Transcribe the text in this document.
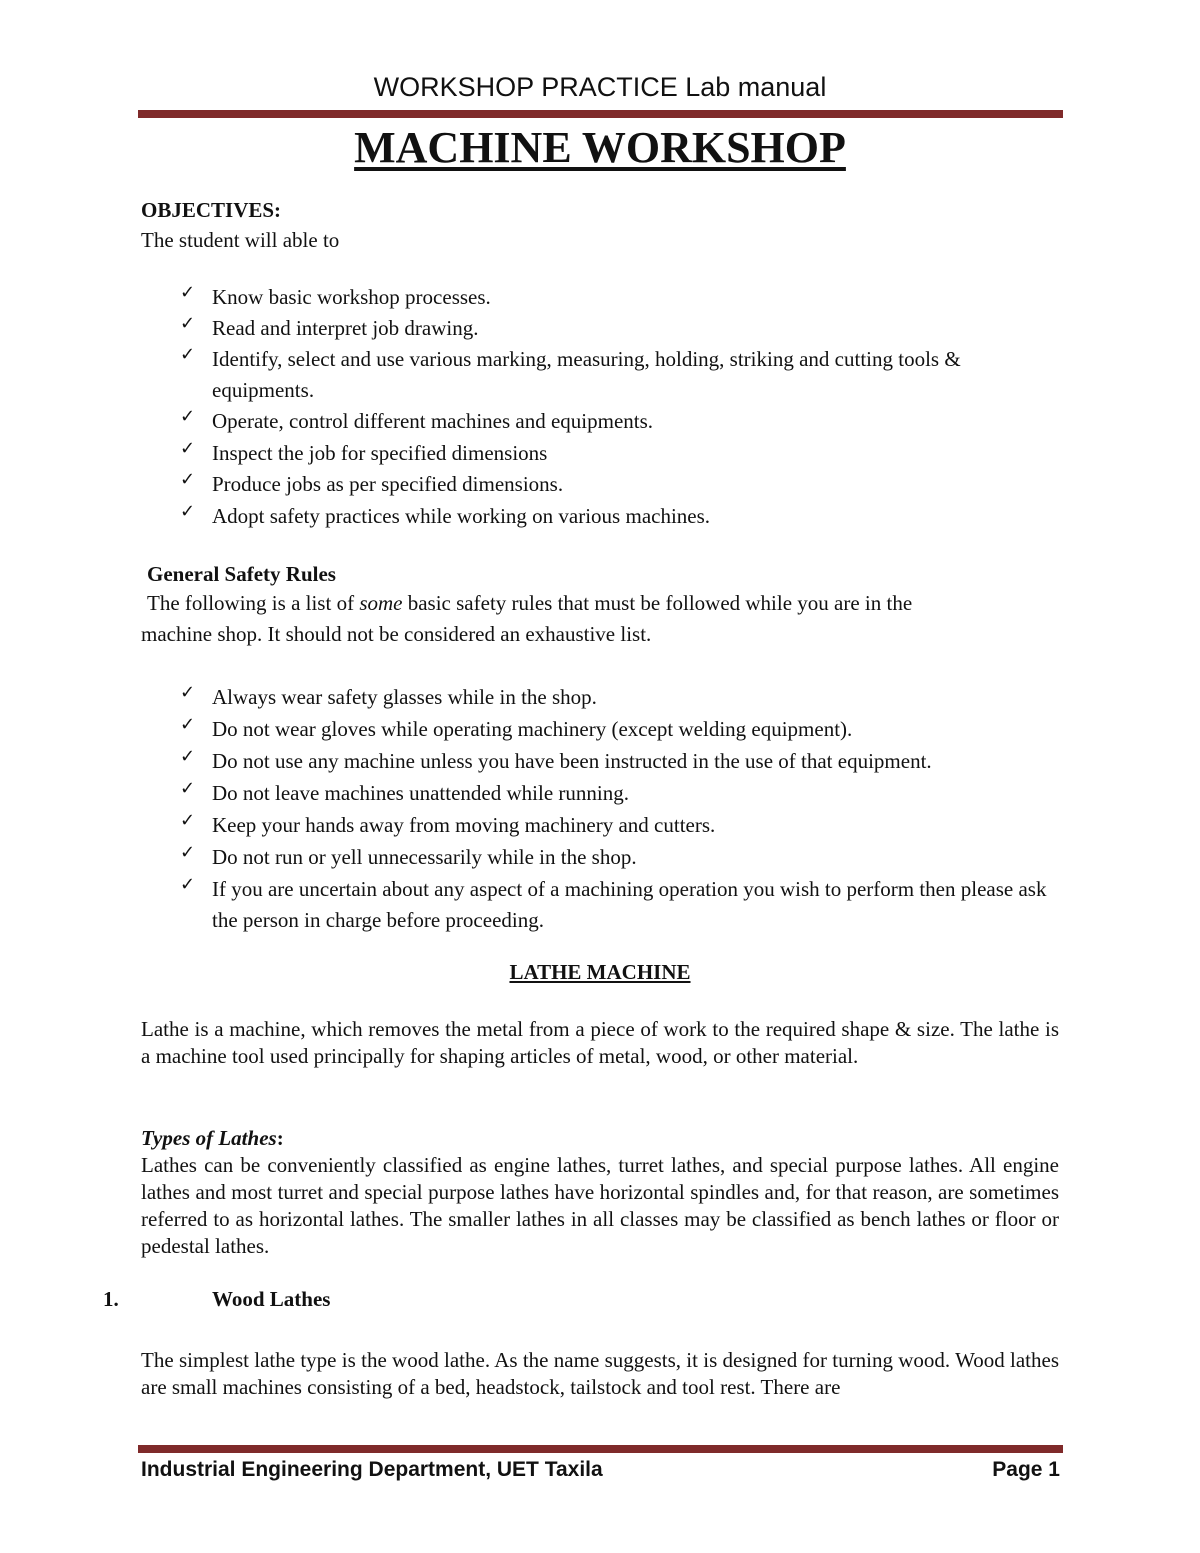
WORKSHOP PRACTICE Lab manual
MACHINE WORKSHOP
OBJECTIVES:
The student will able to
✓ Know basic workshop processes.
✓ Read and interpret job drawing.
✓ Identify, select and use various marking, measuring, holding, striking and cutting tools & equipments.
✓ Operate, control different machines and equipments.
✓ Inspect the job for specified dimensions
✓ Produce jobs as per specified dimensions.
✓ Adopt safety practices while working on various machines.
General Safety Rules
The following is a list of some basic safety rules that must be followed while you are in the
machine shop. It should not be considered an exhaustive list.
✓ Always wear safety glasses while in the shop.
✓ Do not wear gloves while operating machinery (except welding equipment).
✓ Do not use any machine unless you have been instructed in the use of that equipment.
✓ Do not leave machines unattended while running.
✓ Keep your hands away from moving machinery and cutters.
✓ Do not run or yell unnecessarily while in the shop.
✓ If you are uncertain about any aspect of a machining operation you wish to perform then please ask the person in charge before proceeding.
LATHE MACHINE
Lathe is a machine, which removes the metal from a piece of work to the required shape & size. The lathe is a machine tool used principally for shaping articles of metal, wood, or other material.
Types of Lathes:
Lathes can be conveniently classified as engine lathes, turret lathes, and special purpose lathes. All engine lathes and most turret and special purpose lathes have horizontal spindles and, for that reason, are sometimes referred to as horizontal lathes. The smaller lathes in all classes may be classified as bench lathes or floor or pedestal lathes.
1.	Wood Lathes
The simplest lathe type is the wood lathe. As the name suggests, it is designed for turning wood. Wood lathes are small machines consisting of a bed, headstock, tailstock and tool rest. There are
Industrial Engineering Department, UET Taxila	Page 1
